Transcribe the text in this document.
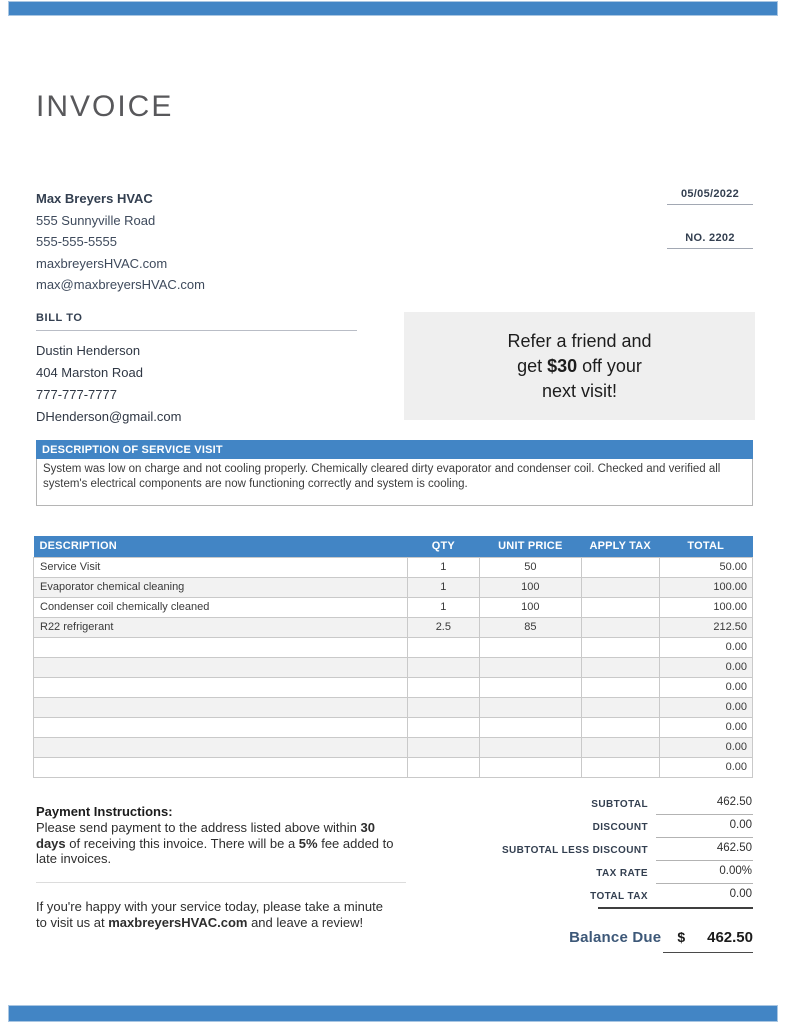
INVOICE
Max Breyers HVAC
555 Sunnyville Road
555-555-5555
maxbreyersHVAC.com
max@maxbreyersHVAC.com
05/05/2022
NO. 2202
BILL TO
Dustin Henderson
404 Marston Road
777-777-7777
DHenderson@gmail.com
Refer a friend and
get $30 off your
next visit!
DESCRIPTION OF SERVICE VISIT
System was low on charge and not cooling properly. Chemically cleared dirty evaporator and condenser coil. Checked and verified all system's electrical components are now functioning correctly and system is cooling.
DESCRIPTION	QTY	UNIT PRICE	APPLY TAX	TOTAL
Service Visit	1	50		50.00
Evaporator chemical cleaning	1	100		100.00
Condenser coil chemically cleaned	1	100		100.00
R22 refrigerant	2.5	85		212.50
				0.00
				0.00
				0.00
				0.00
				0.00
				0.00
				0.00
Payment Instructions:
Please send payment to the address listed above within 30 days of receiving this invoice. There will be a 5% fee added to late invoices.
If you're happy with your service today, please take a minute to visit us at maxbreyersHVAC.com and leave a review!
SUBTOTAL	462.50
DISCOUNT	0.00
SUBTOTAL LESS DISCOUNT	462.50
TAX RATE	0.00%
TOTAL TAX	0.00
Balance Due $ 462.50
